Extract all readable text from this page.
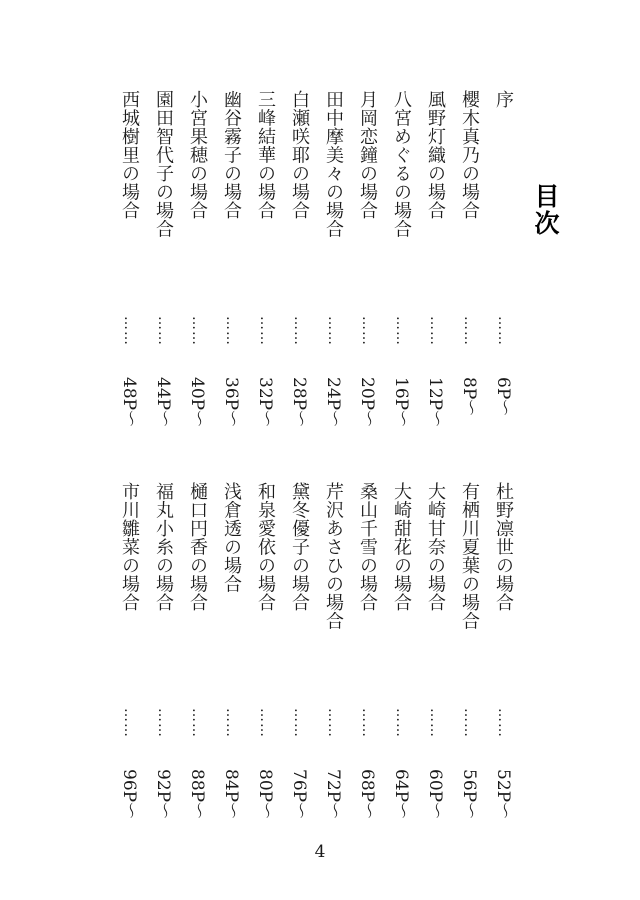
目次
序
……
6P～
櫻木真乃の場合
……
8P～
風野灯織の場合
……
12P～
八宮めぐるの場合
……
16P～
月岡恋鐘の場合
……
20P～
田中摩美々の場合
……
24P～
白瀬咲耶の場合
……
28P～
三峰結華の場合
……
32P～
幽谷霧子の場合
……
36P～
小宮果穂の場合
……
40P～
園田智代子の場合
……
44P～
西城樹里の場合
……
48P～
杜野凛世の場合
……
52P～
有栖川夏葉の場合
……
56P～
大崎甘奈の場合
……
60P～
大崎甜花の場合
……
64P～
桑山千雪の場合
……
68P～
芹沢あさひの場合
……
72P～
黛冬優子の場合
……
76P～
和泉愛依の場合
……
80P～
浅倉透の場合
……
84P～
樋口円香の場合
……
88P～
福丸小糸の場合
……
92P～
市川雛菜の場合
……
96P～
4
